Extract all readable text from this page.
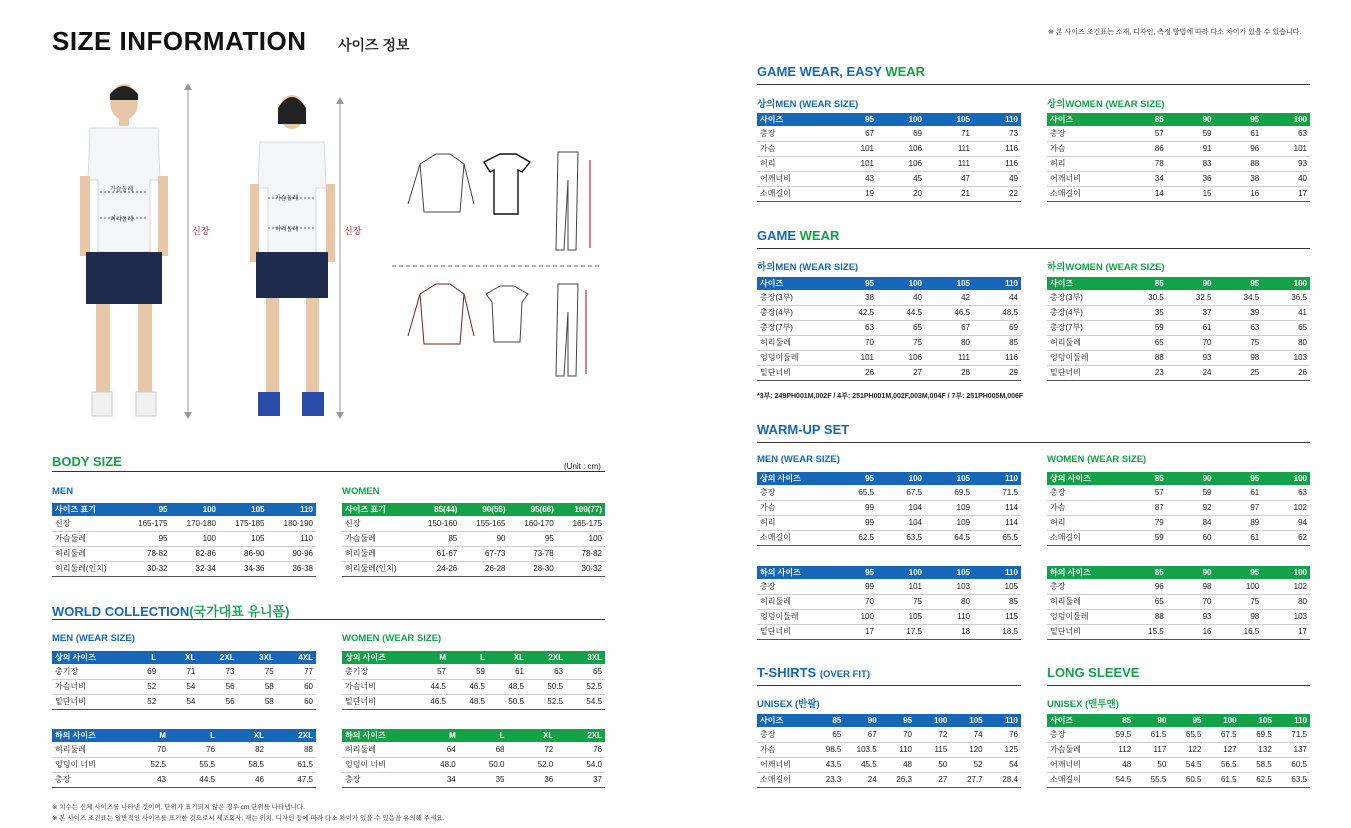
SIZE INFORMATION 사이즈 정보
※ 본 사이즈 조건표는 소재, 디자인, 측정 방법에 따라 다소 차이가 있을 수 있습니다.
가슴둘레
허리둘레
가슴둘레
허리둘레
신장	신장
BODY SIZE	(Unit : cm)
MEN	WOMEN
사이즈 표기	95	100	105	110
신장	165-175	170-180	175-185	180-190
가슴둘레	95	100	105	110
허리둘레	78-82	82-86	86-90	90-96
허리둘레(인치)	30-32	32-34	34-36	36-38
사이즈 표기	85(44)	90(55)	95(66)	100(77)
신장	150-160	155-165	160-170	165-175
가슴둘레	85	90	95	100
허리둘레	61-67	67-73	73-78	78-82
허리둘레(인치)	24-26	26-28	28-30	30-32
WORLD COLLECTION(국가대표 유니폼)
MEN (WEAR SIZE)	WOMEN (WEAR SIZE)
상의 사이즈	L	XL	2XL	3XL	4XL
총기장	69	71	73	75	77
가슴너비	52	54	56	58	60
밑단너비	52	54	56	58	60
상의 사이즈	M	L	XL	2XL	3XL
총기장	57	59	61	63	65
가슴너비	44.5	46.5	48.5	50.5	52.5
밑단너비	46.5	48.5	50.5	52.5	54.5
하의 사이즈	M	L	XL	2XL
허리둘레	70	76	82	88
엉덩이 너비	52.5	55.5	58.5	61.5
총장	43	44.5	46	47.5
하의 사이즈	M	L	XL	2XL
허리둘레	64	68	72	76
엉덩이 너비	48.0	50.0	52.0	54.0
총장	34	35	36	37
※ 치수는 신체 사이즈를 나타낸 것이며, 단위가 표기되지 않은 경우 cm 단위를 나타냅니다.
※ 본 사이즈 조건표는 일반적인 사이즈를 표기한 것으로서 제조회사, 재는 위치, 디자인 등에 따라 다소 차이가 있을 수 있음을 유의해 주세요.
GAME WEAR, EASY WEAR
상의MEN (WEAR SIZE)	상의WOMEN (WEAR SIZE)
사이즈	95	100	105	110
총장	67	69	71	73
가슴	101	106	111	116
허리	101	106	111	116
어깨너비	43	45	47	49
소매길이	19	20	21	22
사이즈	85	90	95	100
총장	57	59	61	63
가슴	86	91	96	101
허리	78	83	88	93
어깨너비	34	36	38	40
소매길이	14	15	16	17
GAME WEAR
하의MEN (WEAR SIZE)	하의WOMEN (WEAR SIZE)
사이즈	95	100	105	110
총장(3부)	38	40	42	44
총장(4부)	42.5	44.5	46.5	48.5
총장(7부)	63	65	67	69
허리둘레	70	75	80	85
엉덩이둘레	101	106	111	116
밑단너비	26	27	28	29
사이즈	85	90	95	100
총장(3부)	30.5	32.5	34.5	36.5
총장(4부)	35	37	39	41
총장(7부)	59	61	63	65
허리둘레	65	70	75	80
엉덩이둘레	88	93	98	103
밑단너비	23	24	25	26
*3부: 249PH001M,002F / 4부: 251PH001M,002F,003M,004F / 7부: 251PH005M,006F
WARM-UP SET
MEN (WEAR SIZE)	WOMEN (WEAR SIZE)
상의 사이즈	95	100	105	110
총장	65.5	67.5	69.5	71.5
가슴	99	104	109	114
허리	99	104	109	114
소매길이	62.5	63.5	64.5	65.5
상의 사이즈	85	90	95	100
총장	57	59	61	63
가슴	87	92	97	102
허리	79	84	89	94
소매길이	59	60	61	62
하의 사이즈	95	100	105	110
총장	99	101	103	105
허리둘레	70	75	80	85
엉덩이둘레	100	105	110	115
밑단너비	17	17.5	18	18.5
하의 사이즈	85	90	95	100
총장	96	98	100	102
허리둘레	65	70	75	80
엉덩이둘레	88	93	98	103
밑단너비	15.5	16	16.5	17
T-SHIRTS (OVER FIT)
UNISEX (반팔)
사이즈	85	90	95	100	105	110
총장	65	67	70	72	74	76
가슴	98.5	103.5	110	115	120	125
어깨너비	43.5	45.5	48	50	52	54
소매길이	23.3	24	26.3	27	27.7	28.4
LONG SLEEVE
UNISEX (맨투맨)
사이즈	85	90	95	100	105	110
총장	59.5	61.5	65.5	67.5	69.5	71.5
가슴둘레	112	117	122	127	132	137
어깨너비	48	50	54.5	56.5	58.5	60.5
소매길이	54.5	55.5	60.5	61.5	62.5	63.5
